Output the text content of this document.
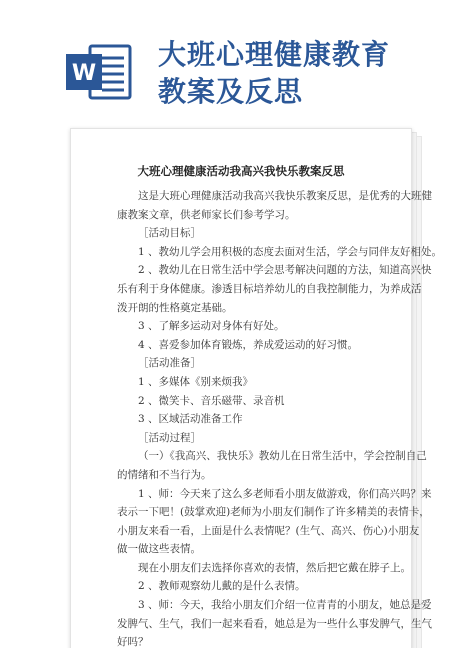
W
大班心理健康教育
教案及反思
大班心理健康活动我高兴我快乐教案反思
这是大班心理健康活动我高兴我快乐教案反思，是优秀的大班健
康教案文章，供老师家长们参考学习。
［活动目标］
1 、教幼儿学会用积极的态度去面对生活，学会与同伴友好相处。
2 、教幼儿在日常生活中学会思考解决问题的方法，知道高兴快
乐有利于身体健康。渗透目标培养幼儿的自我控制能力，为养成活
泼开朗的性格奠定基础。
3 、了解多运动对身体有好处。
4 、喜爱参加体育锻炼，养成爱运动的好习惯。
［活动准备］
1 、多媒体《别来烦我》
2 、微笑卡、音乐磁带、录音机
3 、区域活动准备工作
［活动过程］
（一）《我高兴、我快乐》教幼儿在日常生活中，学会控制自己
的情绪和不当行为。
1 、师：今天来了这么多老师看小朋友做游戏，你们高兴吗？来
表示一下吧！(鼓掌欢迎)老师为小朋友们制作了许多精美的表情卡，
小朋友来看一看，上面是什么表情呢？(生气、高兴、伤心)小朋友
做一做这些表情。
现在小朋友们去选择你喜欢的表情，然后把它戴在脖子上。
2 、教师观察幼儿戴的是什么表情。
3 、师：今天，我给小朋友们介绍一位青青的小朋友，她总是爱
发脾气、生气，我们一起来看看，她总是为一些什么事发脾气，生气
好吗？
